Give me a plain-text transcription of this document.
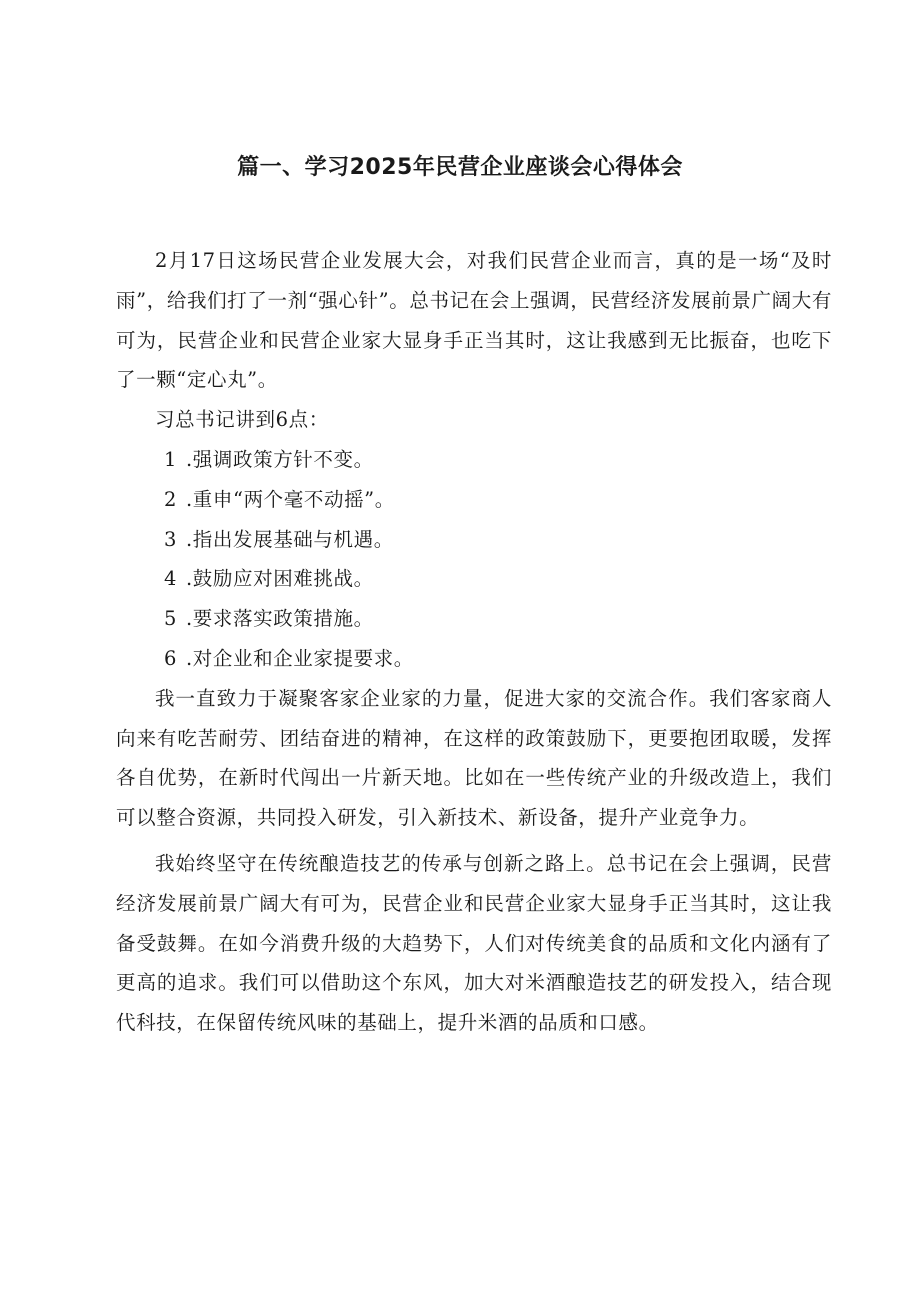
篇一、学习2025年民营企业座谈会心得体会

2月17日这场民营企业发展大会，对我们民营企业而言，真的是一场“及时雨”，给我们打了一剂“强心针”。总书记在会上强调，民营经济发展前景广阔大有可为，民营企业和民营企业家大显身手正当其时，这让我感到无比振奋，也吃下了一颗“定心丸”。

习总书记讲到6点：

1 .强调政策方针不变。

2 .重申“两个毫不动摇”。

3 .指出发展基础与机遇。

4 .鼓励应对困难挑战。

5 .要求落实政策措施。

6 .对企业和企业家提要求。

我一直致力于凝聚客家企业家的力量，促进大家的交流合作。我们客家商人向来有吃苦耐劳、团结奋进的精神，在这样的政策鼓励下，更要抱团取暖，发挥各自优势，在新时代闯出一片新天地。比如在一些传统产业的升级改造上，我们可以整合资源，共同投入研发，引入新技术、新设备，提升产业竞争力。

我始终坚守在传统酿造技艺的传承与创新之路上。总书记在会上强调，民营经济发展前景广阔大有可为，民营企业和民营企业家大显身手正当其时，这让我备受鼓舞。在如今消费升级的大趋势下，人们对传统美食的品质和文化内涵有了更高的追求。我们可以借助这个东风，加大对米酒酿造技艺的研发投入，结合现代科技，在保留传统风味的基础上，提升米酒的品质和口感。
